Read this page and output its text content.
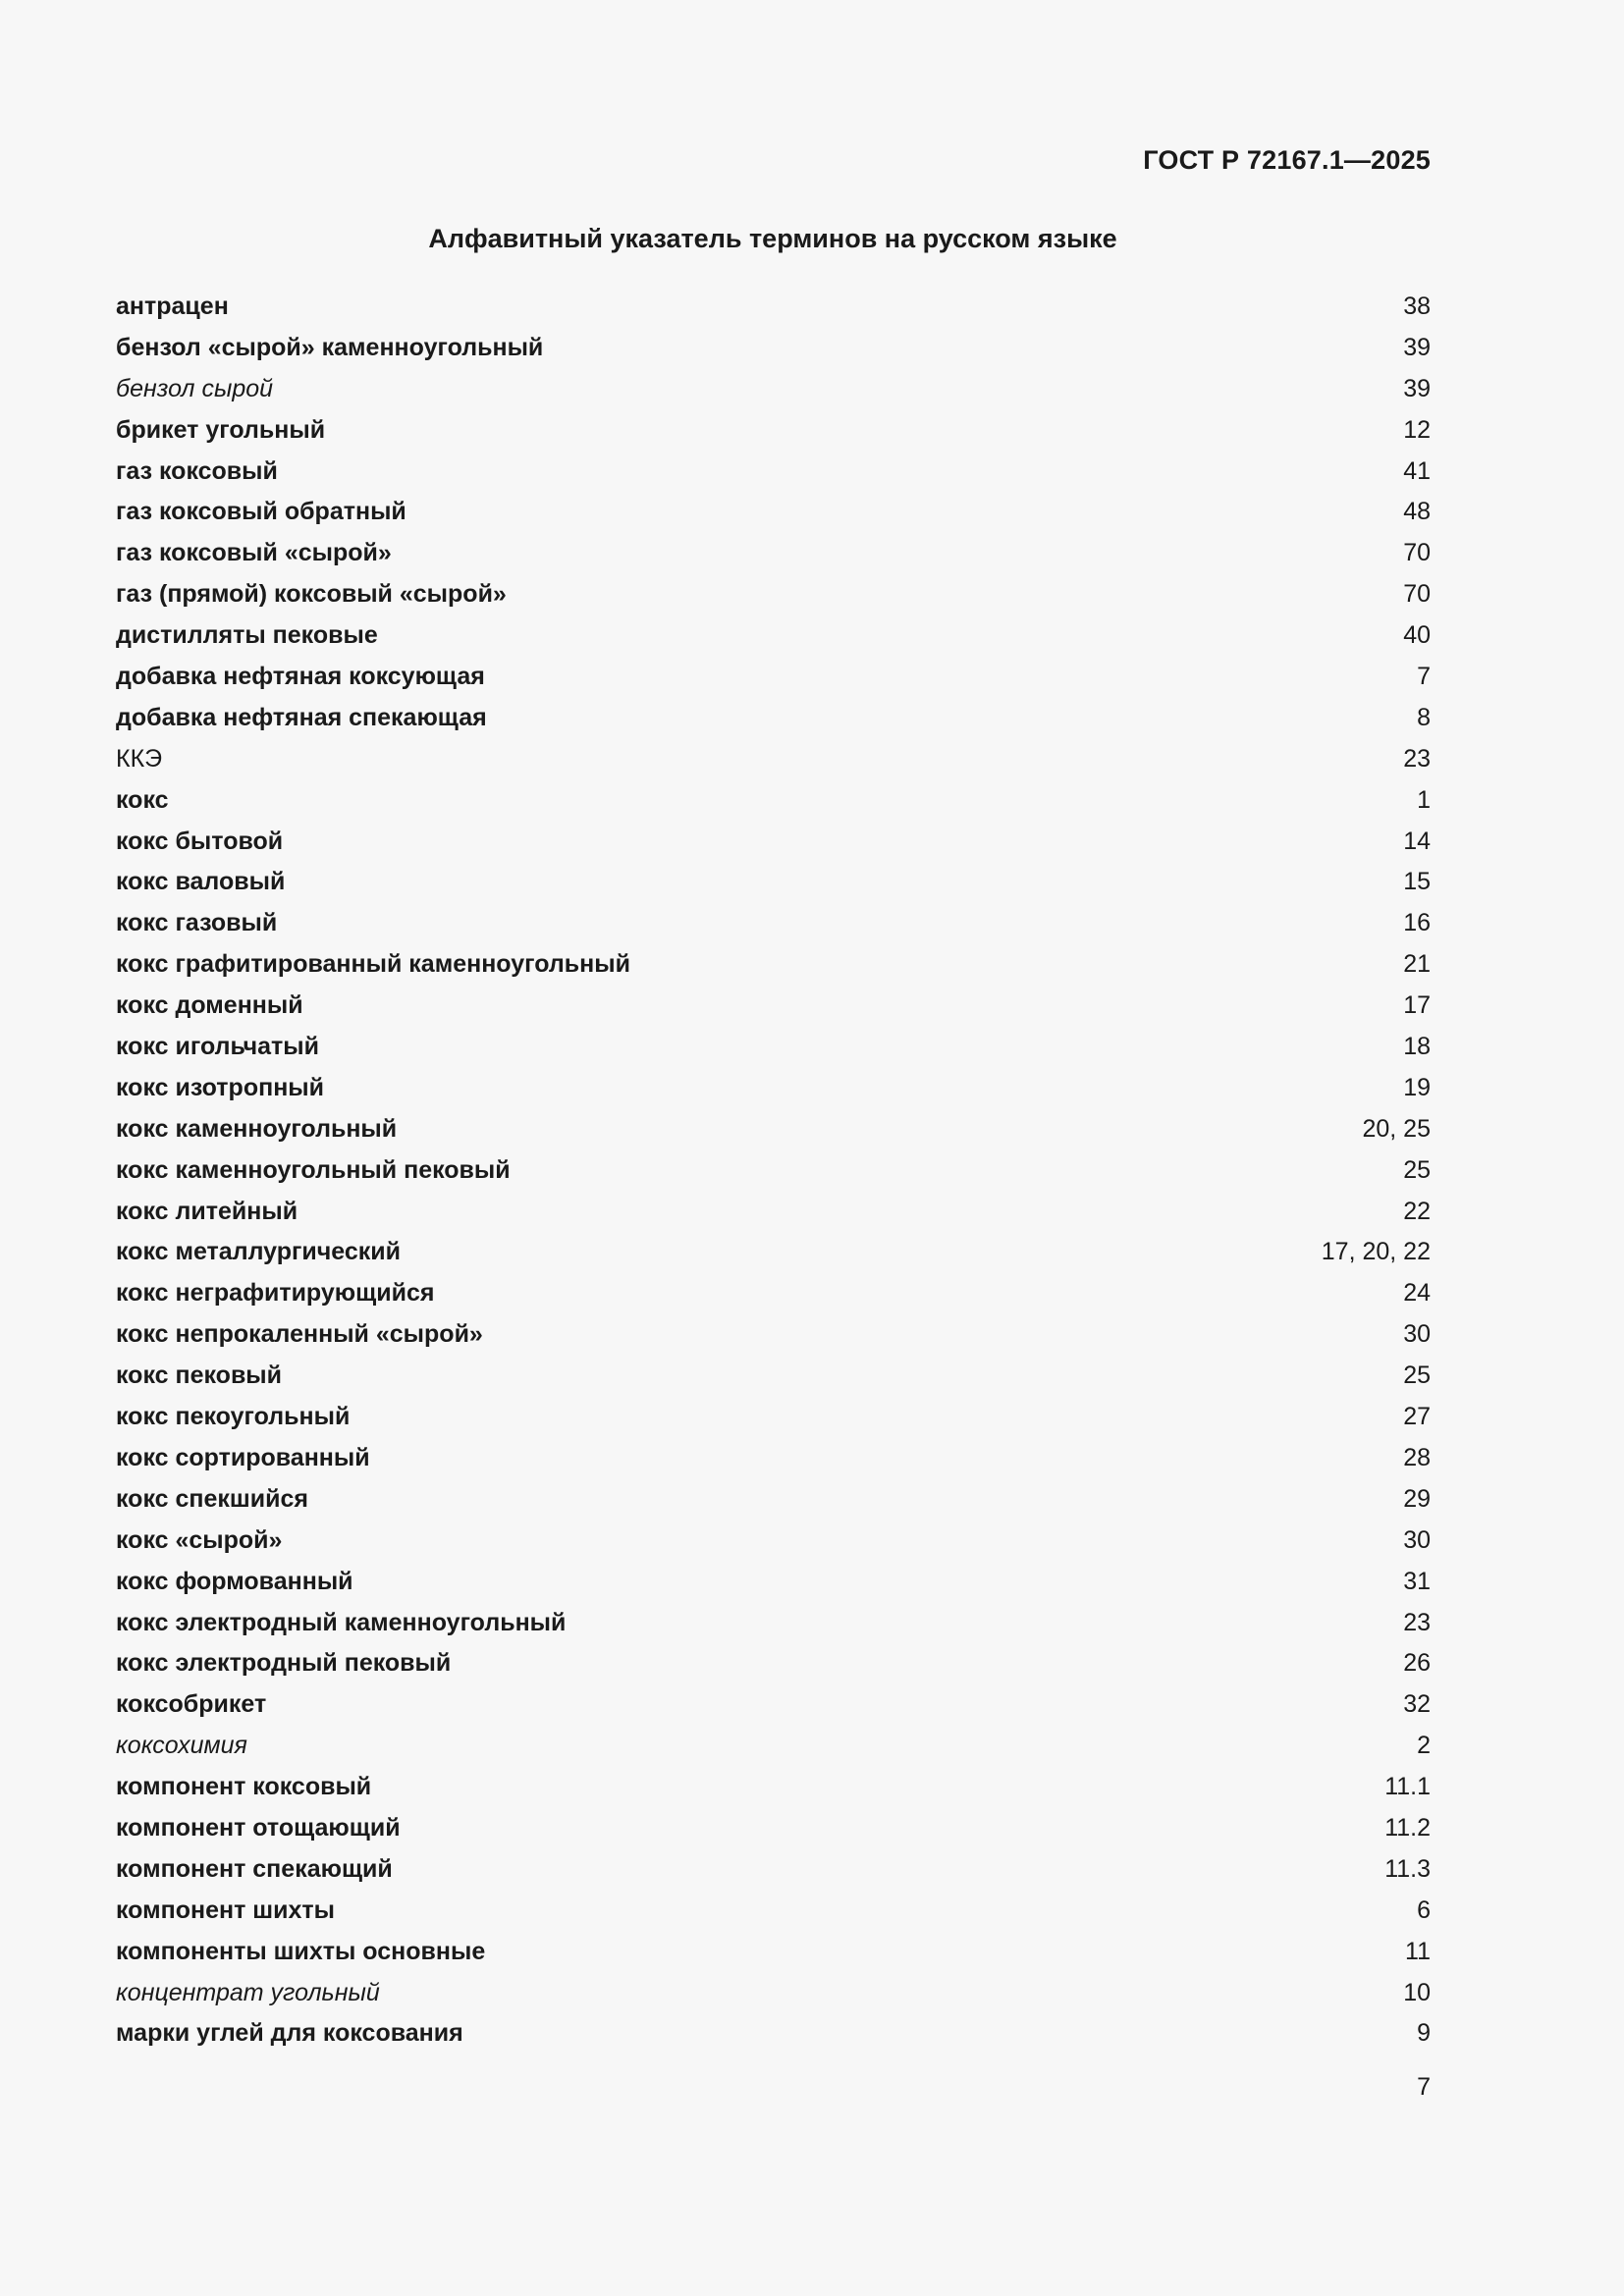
ГОСТ Р 72167.1—2025
Алфавитный указатель терминов на русском языке
антрацен	38
бензол «сырой» каменноугольный	39
бензол сырой	39
брикет угольный	12
газ коксовый	41
газ коксовый обратный	48
газ коксовый «сырой»	70
газ (прямой) коксовый «сырой»	70
дистилляты пековые	40
добавка нефтяная коксующая	7
добавка нефтяная спекающая	8
ККЭ	23
кокс	1
кокс бытовой	14
кокс валовый	15
кокс газовый	16
кокс графитированный каменноугольный	21
кокс доменный	17
кокс игольчатый	18
кокс изотропный	19
кокс каменноугольный	20, 25
кокс каменноугольный пековый	25
кокс литейный	22
кокс металлургический	17, 20, 22
кокс неграфитирующийся	24
кокс непрокаленный «сырой»	30
кокс пековый	25
кокс пекоугольный	27
кокс сортированный	28
кокс спекшийся	29
кокс «сырой»	30
кокс формованный	31
кокс электродный каменноугольный	23
кокс электродный пековый	26
коксобрикет	32
коксохимия	2
компонент коксовый	11.1
компонент отощающий	11.2
компонент спекающий	11.3
компонент шихты	6
компоненты шихты основные	11
концентрат угольный	10
марки углей для коксования	9
7
